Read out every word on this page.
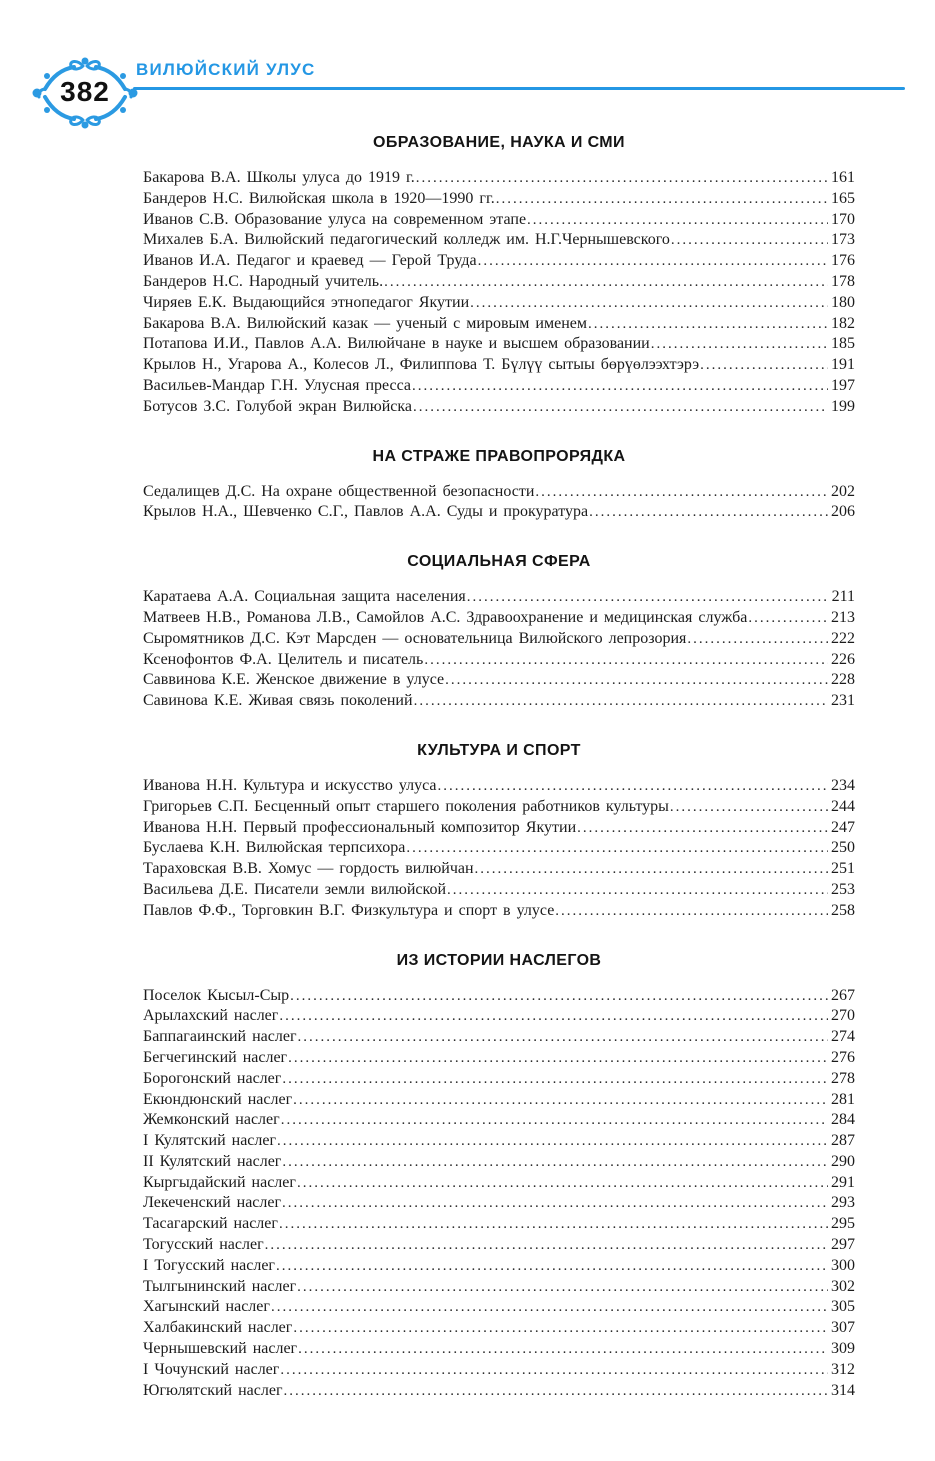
382
ВИЛЮЙСКИЙ УЛУС
ОБРАЗОВАНИЕ, НАУКА И СМИ
Бакарова В.А. Школы улуса до 1919 г. .....	161
Бандеров Н.С. Вилюйская школа в 1920—1990 гг. .....	165
Иванов С.В. Образование улуса на современном этапе .....	170
Михалев Б.А. Вилюйский педагогический колледж им. Н.Г.Чернышевского .....	173
Иванов И.А. Педагог и краевед — Герой Труда .....	176
Бандеров Н.С. Народный учитель. .....	178
Чиряев Е.К. Выдающийся этнопедагог Якутии .....	180
Бакарова В.А. Вилюйский казак — ученый с мировым именем .....	182
Потапова И.И., Павлов А.А. Вилюйчане в науке и высшем образовании .....	185
Крылов Н., Угарова А., Колесов Л., Филиппова Т. Бүлүү сытыы бөрүөлээхтэрэ .....	191
Васильев-Мандар Г.Н. Улусная пресса .....	197
Ботусов З.С. Голубой экран Вилюйска .....	199
НА СТРАЖЕ ПРАВОПРОРЯДКА
Седалищев Д.С. На охране общественной безопасности .....	202
Крылов Н.А., Шевченко С.Г., Павлов А.А. Суды и прокуратура .....	206
СОЦИАЛЬНАЯ СФЕРА
Каратаева А.А. Социальная защита населения .....	211
Матвеев Н.В., Романова Л.В., Самойлов А.С. Здравоохранение и медицинская служба .....	213
Сыромятников Д.С. Кэт Марсден — основательница Вилюйского лепрозория .....	222
Ксенофонтов Ф.А. Целитель и писатель .....	226
Саввинова К.Е. Женское движение в улусе .....	228
Савинова К.Е. Живая связь поколений .....	231
КУЛЬТУРА И СПОРТ
Иванова Н.Н. Культура и искусство улуса .....	234
Григорьев С.П. Бесценный опыт старшего поколения работников культуры .....	244
Иванова Н.Н. Первый профессиональный композитор Якутии .....	247
Буслаева К.Н. Вилюйская терпсихора .....	250
Тараховская В.В. Хомус — гордость вилюйчан .....	251
Васильева Д.Е. Писатели земли вилюйской .....	253
Павлов Ф.Ф., Торговкин В.Г. Физкультура и спорт в улусе .....	258
ИЗ ИСТОРИИ НАСЛЕГОВ
Поселок Кысыл-Сыр .....	267
Арылахский наслег .....	270
Баппагаинский наслег .....	274
Бегчегинский наслег .....	276
Борогонский наслег .....	278
Екюндюнский наслег .....	281
Жемконский наслег .....	284
I Кулятский наслег .....	287
II Кулятский наслег .....	290
Кыргыдайский наслег .....	291
Лекеченский наслег .....	293
Тасагарский наслег .....	295
Тогусский наслег .....	297
I Тогусский наслег .....	300
Тылгынинский наслег .....	302
Хагынский наслег .....	305
Халбакинский наслег .....	307
Чернышевский наслег .....	309
I Чочунский наслег .....	312
Югюлятский наслег .....	314
